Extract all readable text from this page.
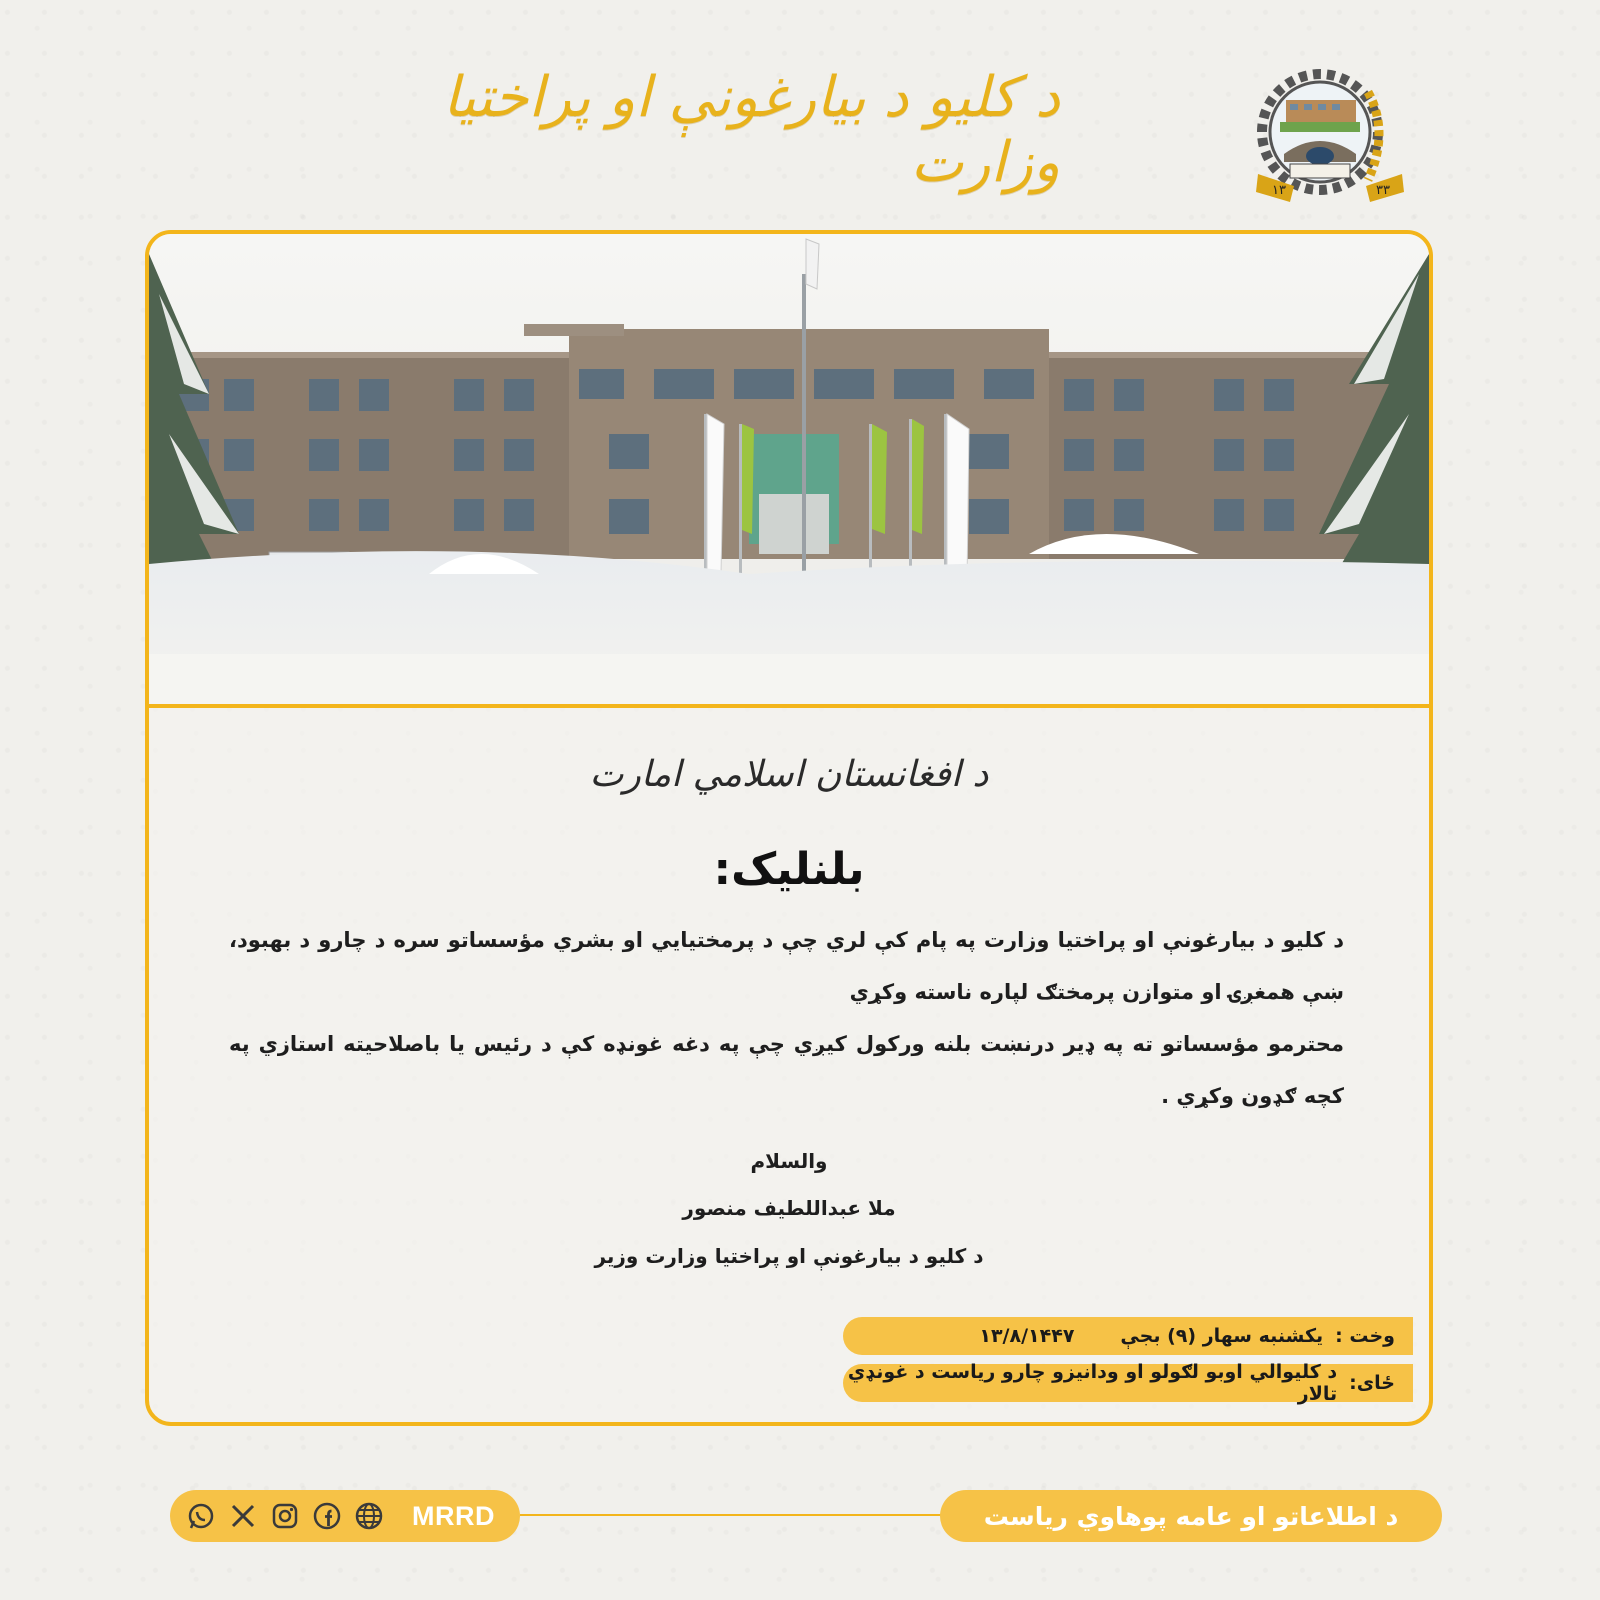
د کلیو د بیارغونې او پراختیا وزارت	۱۳	۳۳
د افغانستان اسلامي امارت
بلنلیک:

د کلیو د بیارغونې او پراختیا وزارت په پام کې لري چې د پرمختیایي او بشري مؤسساتو سره د چارو د بهبود، ښې همغږۍ او متوازن پرمختګ لپاره ناسته وکړي

محترمو مؤسساتو ته په ډیر درنښت بلنه ورکول کیږي چې په دغه غونډه کې د رئیس یا باصلاحیته استازي په کچه ګډون وکړي .

والسلام
ملا عبداللطیف منصور
د کلیو د بیارغونې او پراختیا وزارت وزیر
وخت :
یکشنبه سهار (۹) بجې
۱۳/۸/۱۴۴۷
ځای:
د کلیوالي اوبو لګولو او ودانیزو چارو ریاست د غونډي تالار
MRRD	د اطلاعاتو او عامه پوهاوي ریاست
